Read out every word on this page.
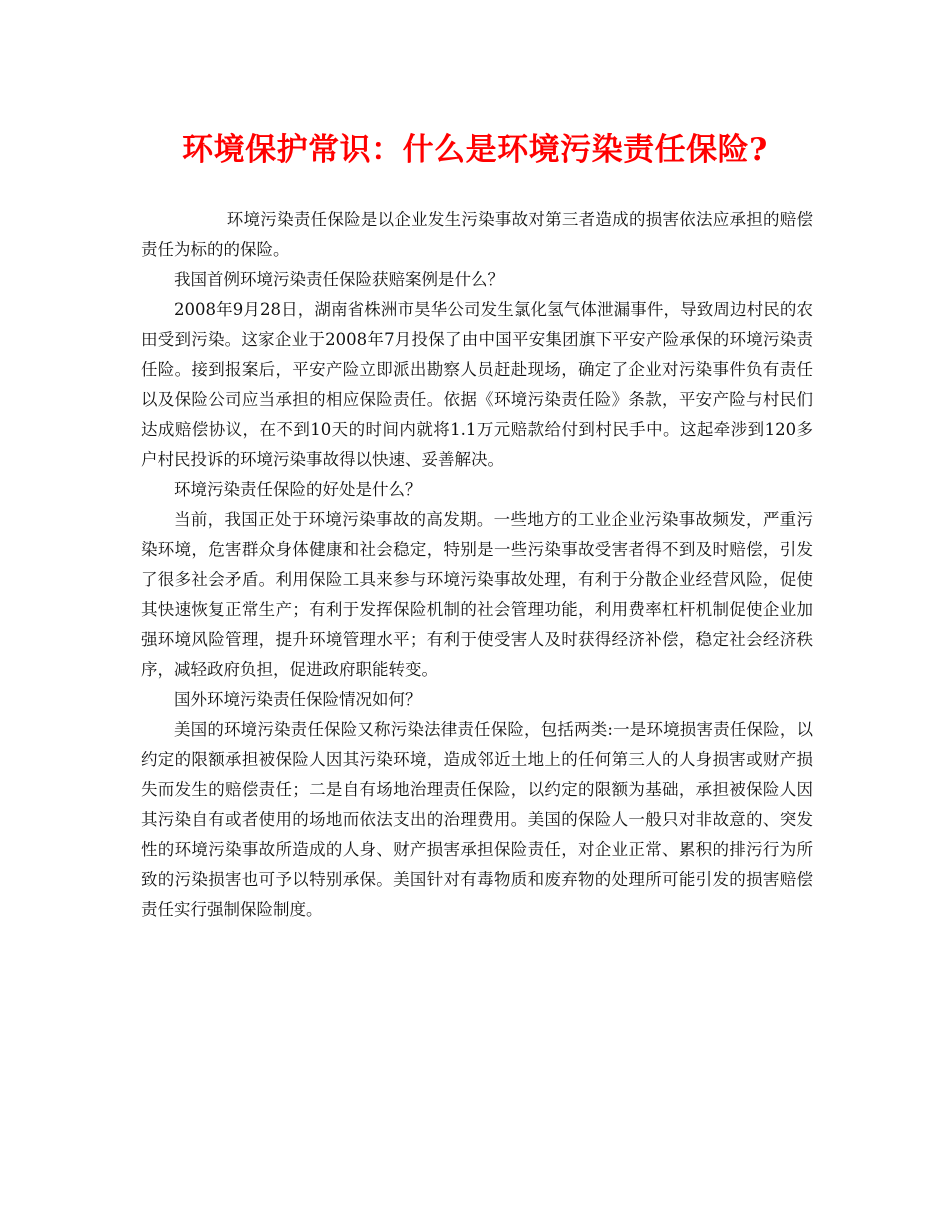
环境保护常识：什么是环境污染责任保险?

环境污染责任保险是以企业发生污染事故对第三者造成的损害依法应承担的赔偿责任为标的的保险。

我国首例环境污染责任保险获赔案例是什么？

2008年9月28日，湖南省株洲市昊华公司发生氯化氢气体泄漏事件，导致周边村民的农田受到污染。这家企业于2008年7月投保了由中国平安集团旗下平安产险承保的环境污染责任险。接到报案后，平安产险立即派出勘察人员赶赴现场，确定了企业对污染事件负有责任以及保险公司应当承担的相应保险责任。依据《环境污染责任险》条款，平安产险与村民们达成赔偿协议，在不到10天的时间内就将1.1万元赔款给付到村民手中。这起牵涉到120多户村民投诉的环境污染事故得以快速、妥善解决。

环境污染责任保险的好处是什么？

当前，我国正处于环境污染事故的高发期。一些地方的工业企业污染事故频发，严重污染环境，危害群众身体健康和社会稳定，特别是一些污染事故受害者得不到及时赔偿，引发了很多社会矛盾。利用保险工具来参与环境污染事故处理，有利于分散企业经营风险，促使其快速恢复正常生产；有利于发挥保险机制的社会管理功能，利用费率杠杆机制促使企业加强环境风险管理，提升环境管理水平；有利于使受害人及时获得经济补偿，稳定社会经济秩序，减轻政府负担，促进政府职能转变。

国外环境污染责任保险情况如何？

美国的环境污染责任保险又称污染法律责任保险，包括两类:一是环境损害责任保险，以约定的限额承担被保险人因其污染环境，造成邻近土地上的任何第三人的人身损害或财产损失而发生的赔偿责任；二是自有场地治理责任保险，以约定的限额为基础，承担被保险人因其污染自有或者使用的场地而依法支出的治理费用。美国的保险人一般只对非故意的、突发性的环境污染事故所造成的人身、财产损害承担保险责任，对企业正常、累积的排污行为所致的污染损害也可予以特别承保。美国针对有毒物质和废弃物的处理所可能引发的损害赔偿责任实行强制保险制度。
